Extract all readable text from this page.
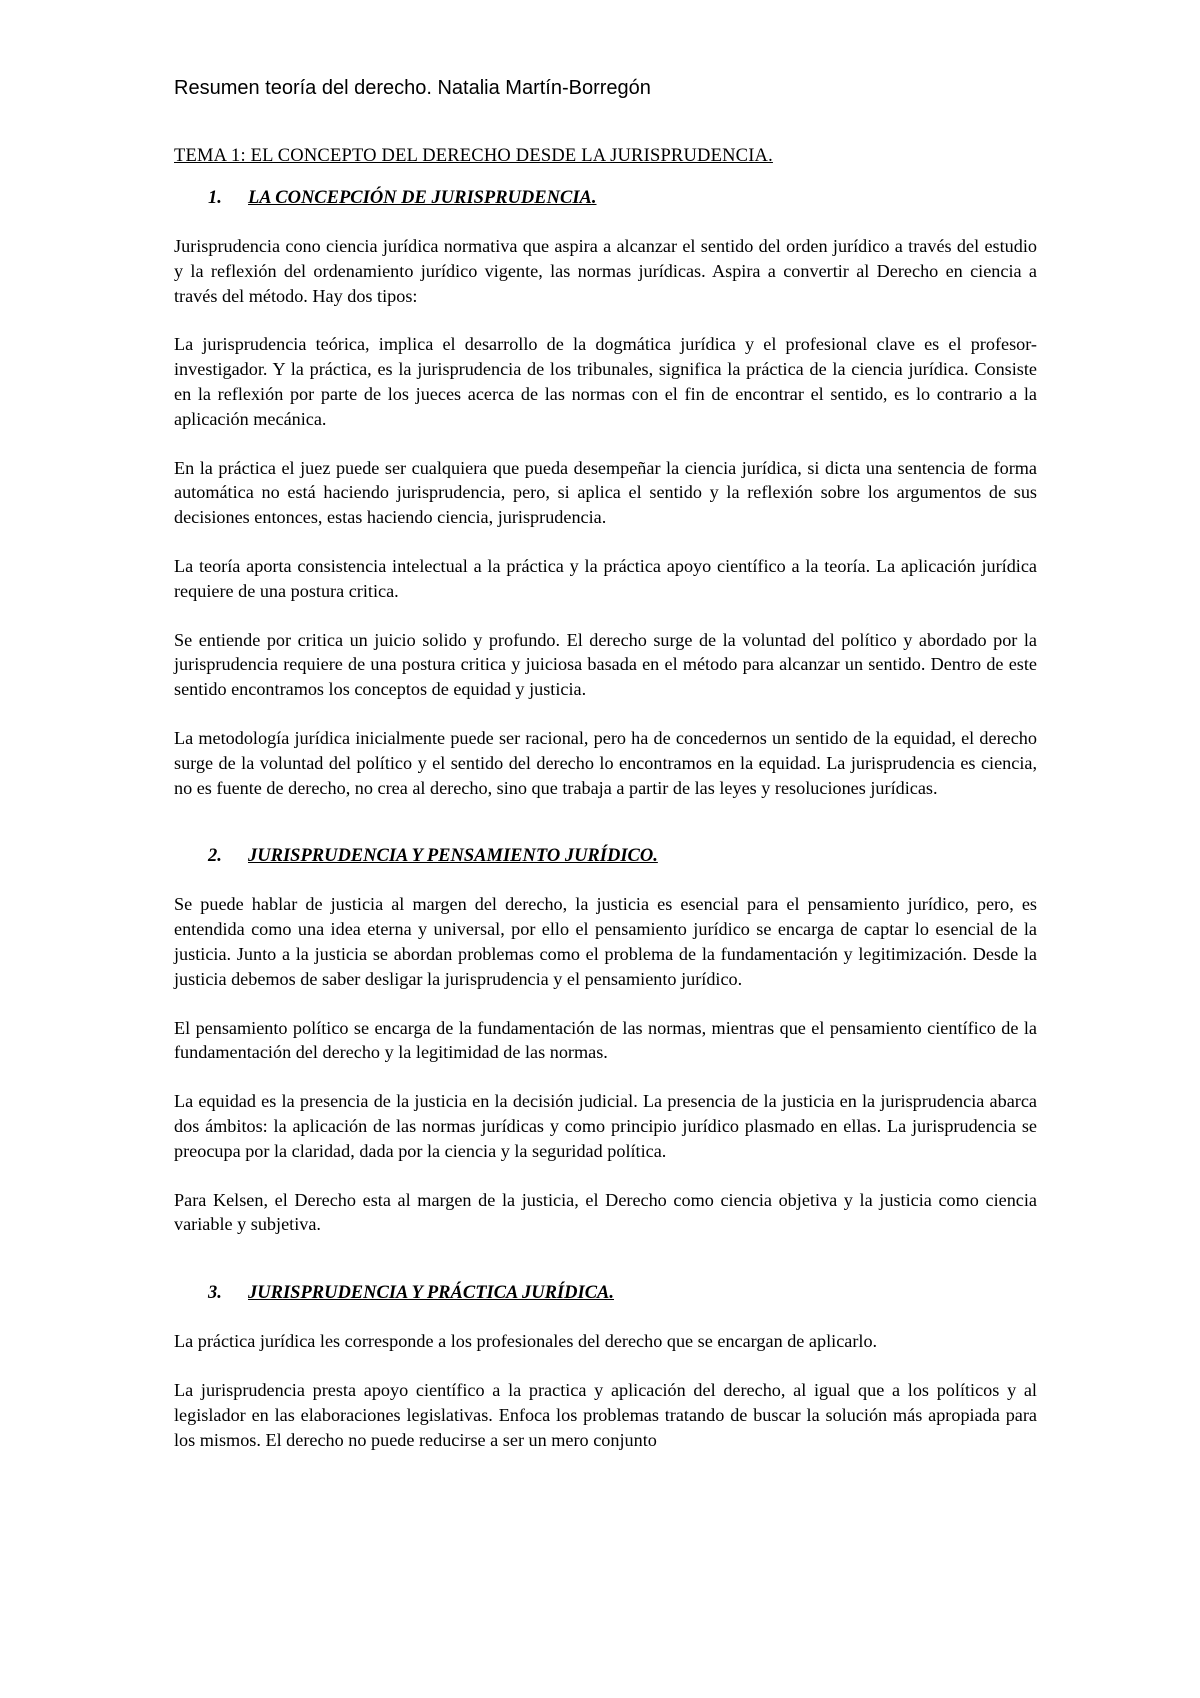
Resumen teoría del derecho. Natalia Martín-Borregón

TEMA 1: EL CONCEPTO DEL DERECHO DESDE LA JURISPRUDENCIA.

1. LA CONCEPCIÓN DE JURISPRUDENCIA.

Jurisprudencia cono ciencia jurídica normativa que aspira a alcanzar el sentido del orden jurídico a través del estudio y la reflexión del ordenamiento jurídico vigente, las normas jurídicas. Aspira a convertir al Derecho en ciencia a través del método. Hay dos tipos:

La jurisprudencia teórica, implica el desarrollo de la dogmática jurídica y el profesional clave es el profesor-investigador. Y la práctica, es la jurisprudencia de los tribunales, significa la práctica de la ciencia jurídica. Consiste en la reflexión por parte de los jueces acerca de las normas con el fin de encontrar el sentido, es lo contrario a la aplicación mecánica.

En la práctica el juez puede ser cualquiera que pueda desempeñar la ciencia jurídica, si dicta una sentencia de forma automática no está haciendo jurisprudencia, pero, si aplica el sentido y la reflexión sobre los argumentos de sus decisiones entonces, estas haciendo ciencia, jurisprudencia.

La teoría aporta consistencia intelectual a la práctica y la práctica apoyo científico a la teoría. La aplicación jurídica requiere de una postura critica.

Se entiende por critica un juicio solido y profundo. El derecho surge de la voluntad del político y abordado por la jurisprudencia requiere de una postura critica y juiciosa basada en el método para alcanzar un sentido. Dentro de este sentido encontramos los conceptos de equidad y justicia.

La metodología jurídica inicialmente puede ser racional, pero ha de concedernos un sentido de la equidad, el derecho surge de la voluntad del político y el sentido del derecho lo encontramos en la equidad. La jurisprudencia es ciencia, no es fuente de derecho, no crea al derecho, sino que trabaja a partir de las leyes y resoluciones jurídicas.

2. JURISPRUDENCIA Y PENSAMIENTO JURÍDICO.

Se puede hablar de justicia al margen del derecho, la justicia es esencial para el pensamiento jurídico, pero, es entendida como una idea eterna y universal, por ello el pensamiento jurídico se encarga de captar lo esencial de la justicia. Junto a la justicia se abordan problemas como el problema de la fundamentación y legitimización. Desde la justicia debemos de saber desligar la jurisprudencia y el pensamiento jurídico.

El pensamiento político se encarga de la fundamentación de las normas, mientras que el pensamiento científico de la fundamentación del derecho y la legitimidad de las normas.

La equidad es la presencia de la justicia en la decisión judicial. La presencia de la justicia en la jurisprudencia abarca dos ámbitos: la aplicación de las normas jurídicas y como principio jurídico plasmado en ellas. La jurisprudencia se preocupa por la claridad, dada por la ciencia y la seguridad política.

Para Kelsen, el Derecho esta al margen de la justicia, el Derecho como ciencia objetiva y la justicia como ciencia variable y subjetiva.

3. JURISPRUDENCIA Y PRÁCTICA JURÍDICA.

La práctica jurídica les corresponde a los profesionales del derecho que se encargan de aplicarlo.

La jurisprudencia presta apoyo científico a la practica y aplicación del derecho, al igual que a los políticos y al legislador en las elaboraciones legislativas. Enfoca los problemas tratando de buscar la solución más apropiada para los mismos. El derecho no puede reducirse a ser un mero conjunto
